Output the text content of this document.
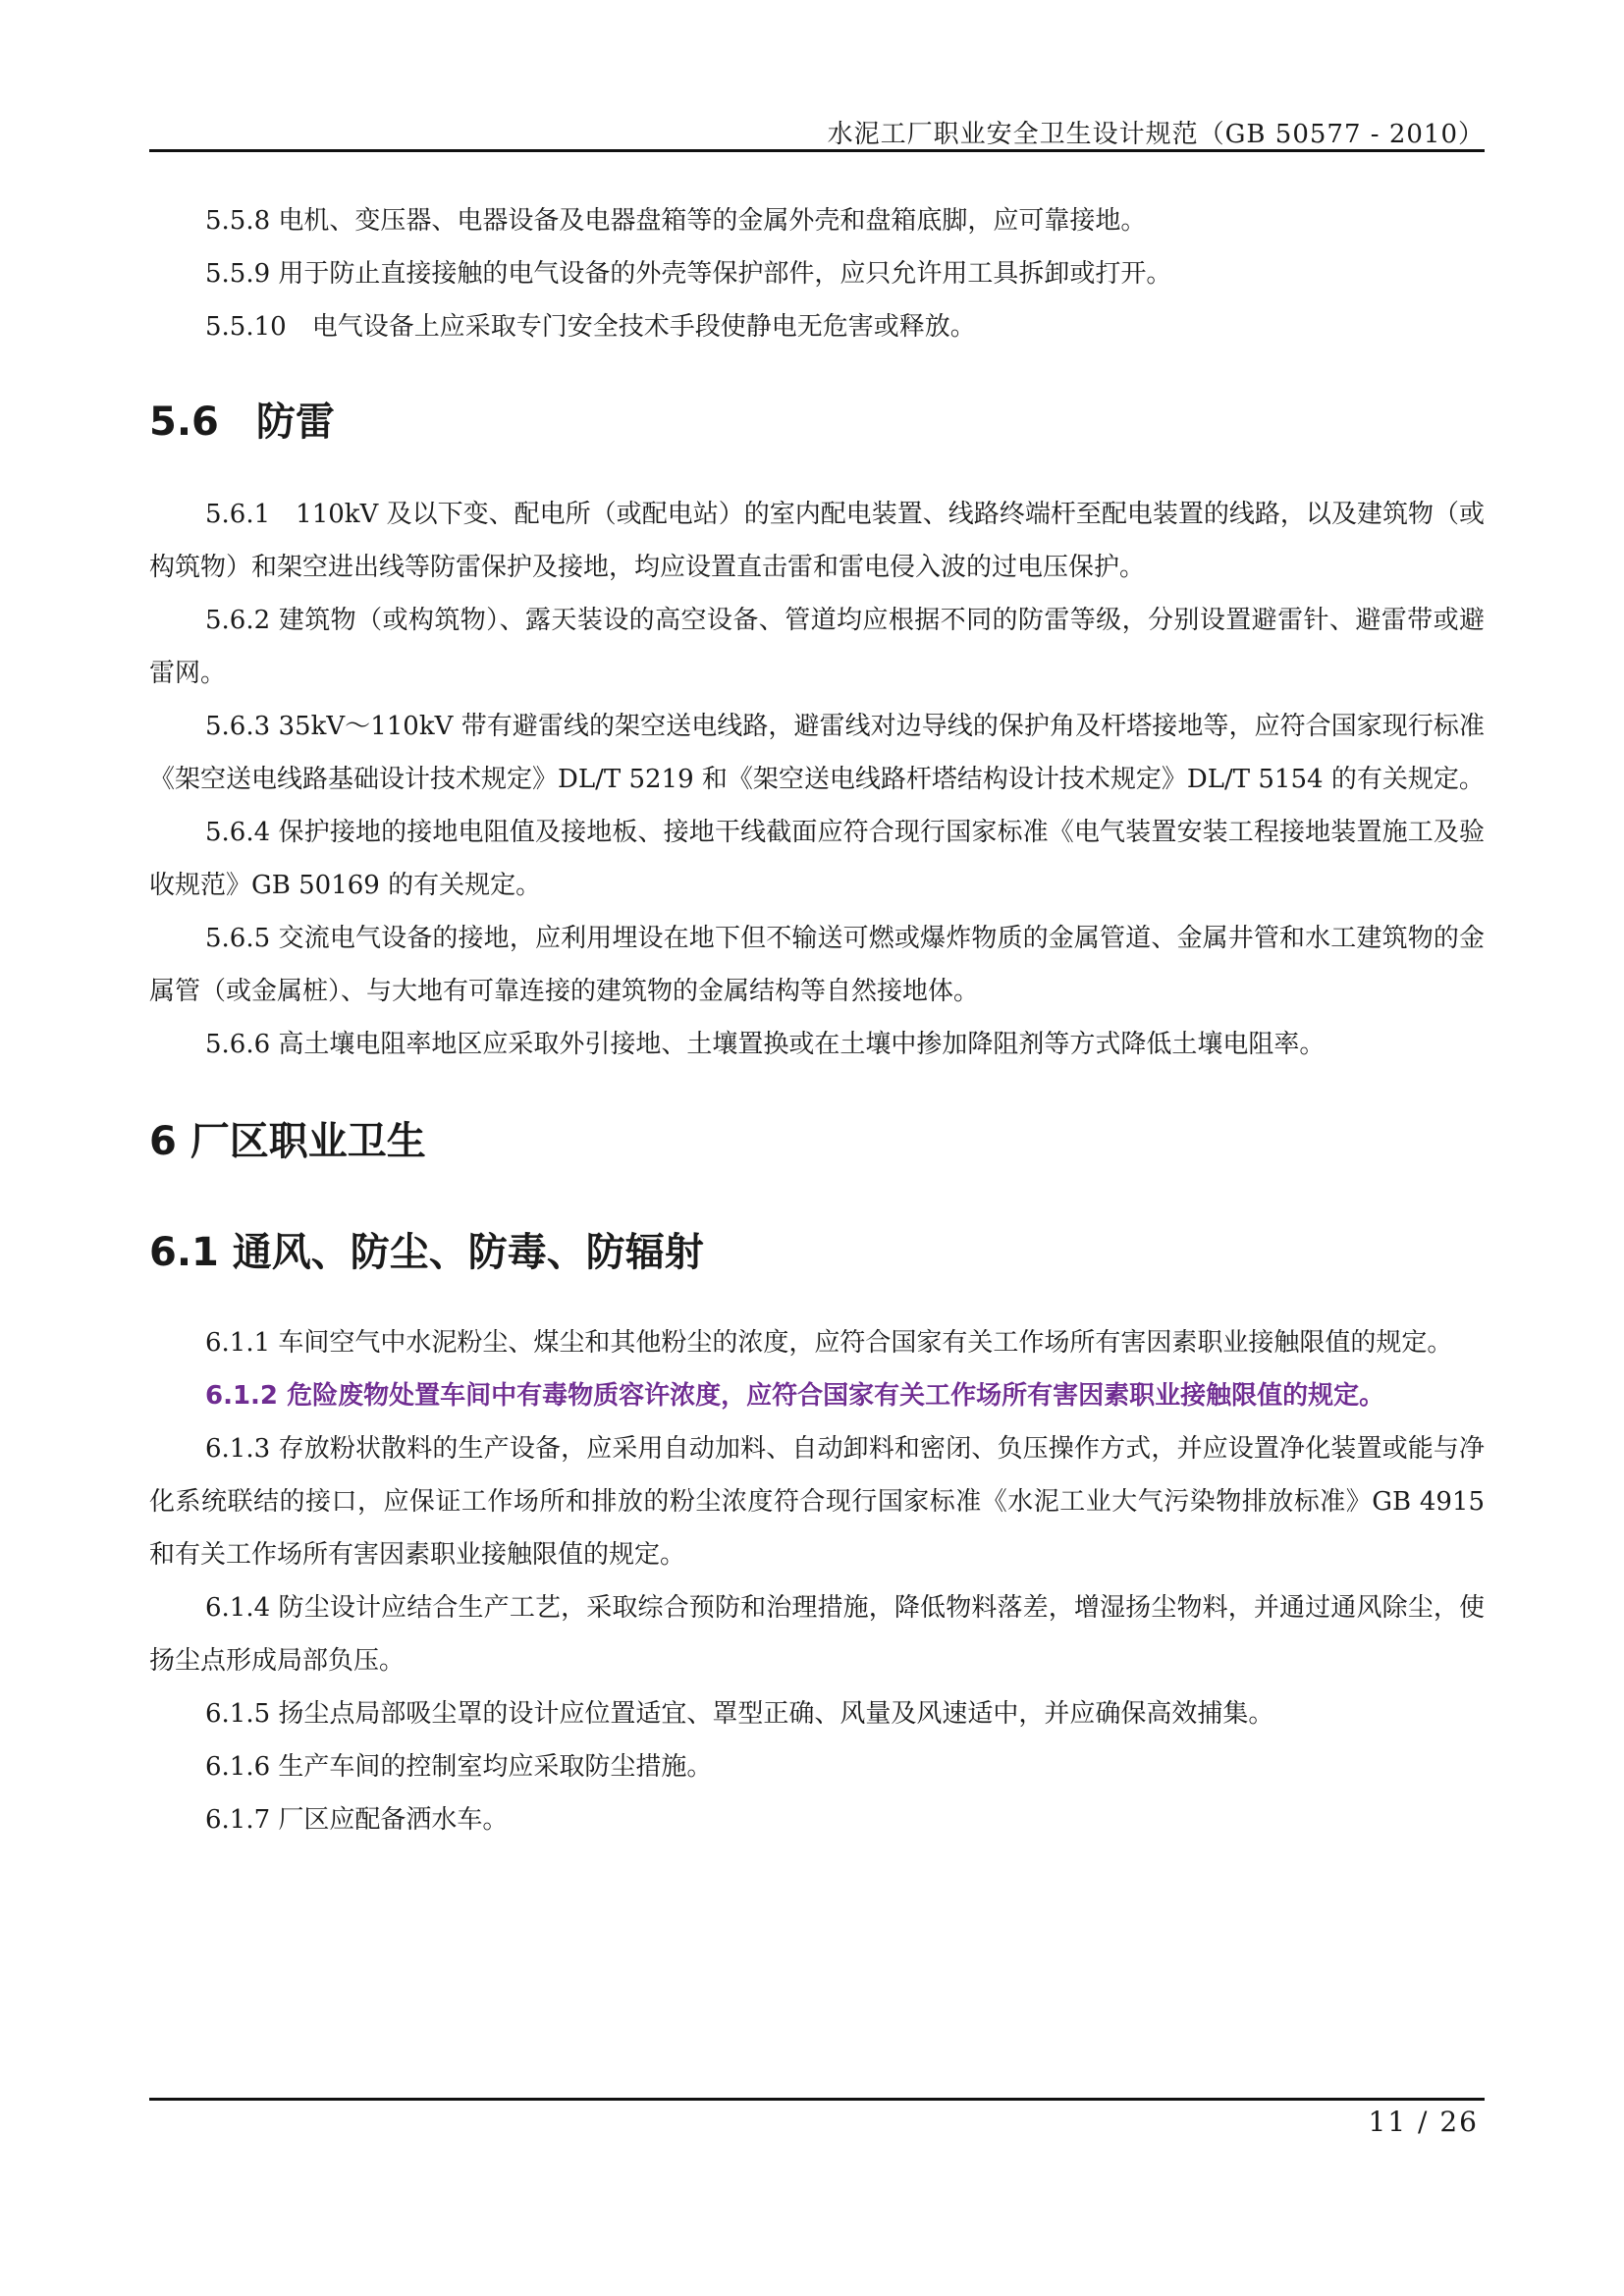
水泥工厂职业安全卫生设计规范（GB 50577 - 2010）

5.5.8 电机、变压器、电器设备及电器盘箱等的金属外壳和盘箱底脚，应可靠接地。

5.5.9 用于防止直接接触的电气设备的外壳等保护部件，应只允许用工具拆卸或打开。

5.5.10　电气设备上应采取专门安全技术手段使静电无危害或释放。

5.6 防雷

5.6.1　110kV 及以下变、配电所（或配电站）的室内配电装置、线路终端杆至配电装置的线路，以及建筑物（或构筑物）和架空进出线等防雷保护及接地，均应设置直击雷和雷电侵入波的过电压保护。

5.6.2 建筑物（或构筑物）、露天装设的高空设备、管道均应根据不同的防雷等级，分别设置避雷针、避雷带或避雷网。

5.6.3 35kV～110kV 带有避雷线的架空送电线路，避雷线对边导线的保护角及杆塔接地等，应符合国家现行标准《架空送电线路基础设计技术规定》DL/T 5219 和《架空送电线路杆塔结构设计技术规定》DL/T 5154 的有关规定。

5.6.4 保护接地的接地电阻值及接地板、接地干线截面应符合现行国家标准《电气装置安装工程接地装置施工及验收规范》GB 50169 的有关规定。

5.6.5 交流电气设备的接地，应利用埋设在地下但不输送可燃或爆炸物质的金属管道、金属井管和水工建筑物的金属管（或金属桩）、与大地有可靠连接的建筑物的金属结构等自然接地体。

5.6.6 高土壤电阻率地区应采取外引接地、土壤置换或在土壤中掺加降阻剂等方式降低土壤电阻率。

6 厂区职业卫生
6.1 通风、防尘、防毒、防辐射

6.1.1 车间空气中水泥粉尘、煤尘和其他粉尘的浓度，应符合国家有关工作场所有害因素职业接触限值的规定。

6.1.2 危险废物处置车间中有毒物质容许浓度，应符合国家有关工作场所有害因素职业接触限值的规定。

6.1.3 存放粉状散料的生产设备，应采用自动加料、自动卸料和密闭、负压操作方式，并应设置净化装置或能与净化系统联结的接口，应保证工作场所和排放的粉尘浓度符合现行国家标准《水泥工业大气污染物排放标准》GB 4915 和有关工作场所有害因素职业接触限值的规定。

6.1.4 防尘设计应结合生产工艺，采取综合预防和治理措施，降低物料落差，增湿扬尘物料，并通过通风除尘，使扬尘点形成局部负压。

6.1.5 扬尘点局部吸尘罩的设计应位置适宜、罩型正确、风量及风速适中，并应确保高效捕集。

6.1.6 生产车间的控制室均应采取防尘措施。

6.1.7 厂区应配备洒水车。

11 / 26
